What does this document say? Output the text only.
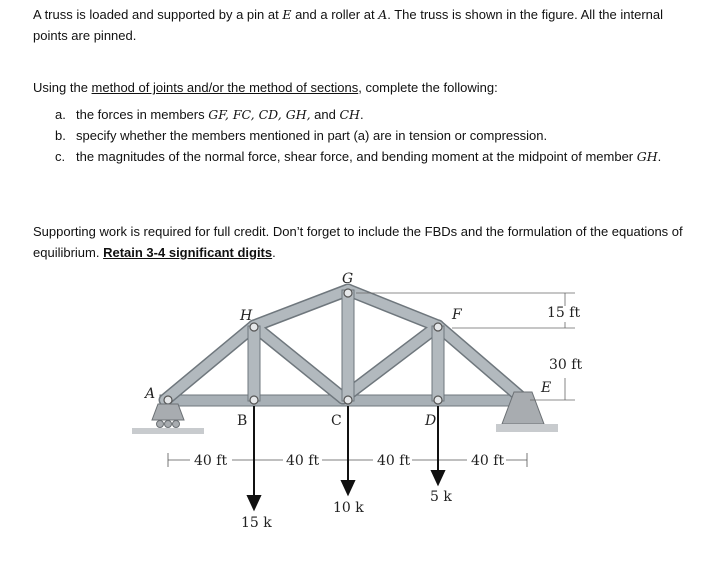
A truss is loaded and supported by a pin at E and a roller at A. The truss is shown in the figure. All the internal points are pinned.
Using the method of joints and/or the method of sections, complete the following:
a. the forces in members GF, FC, CD, GH, and CH.
b. specify whether the members mentioned in part (a) are in tension or compression.
c. the magnitudes of the normal force, shear force, and bending moment at the midpoint of member GH.
Supporting work is required for full credit. Don’t forget to include the FBDs and the formulation of the equations of equilibrium. Retain 3-4 significant digits.
A
B	C	D
E
F
G
H	15 ft
30 ft
40 ft	40 ft	40 ft	40 ft
15 k
10 k
5 k
